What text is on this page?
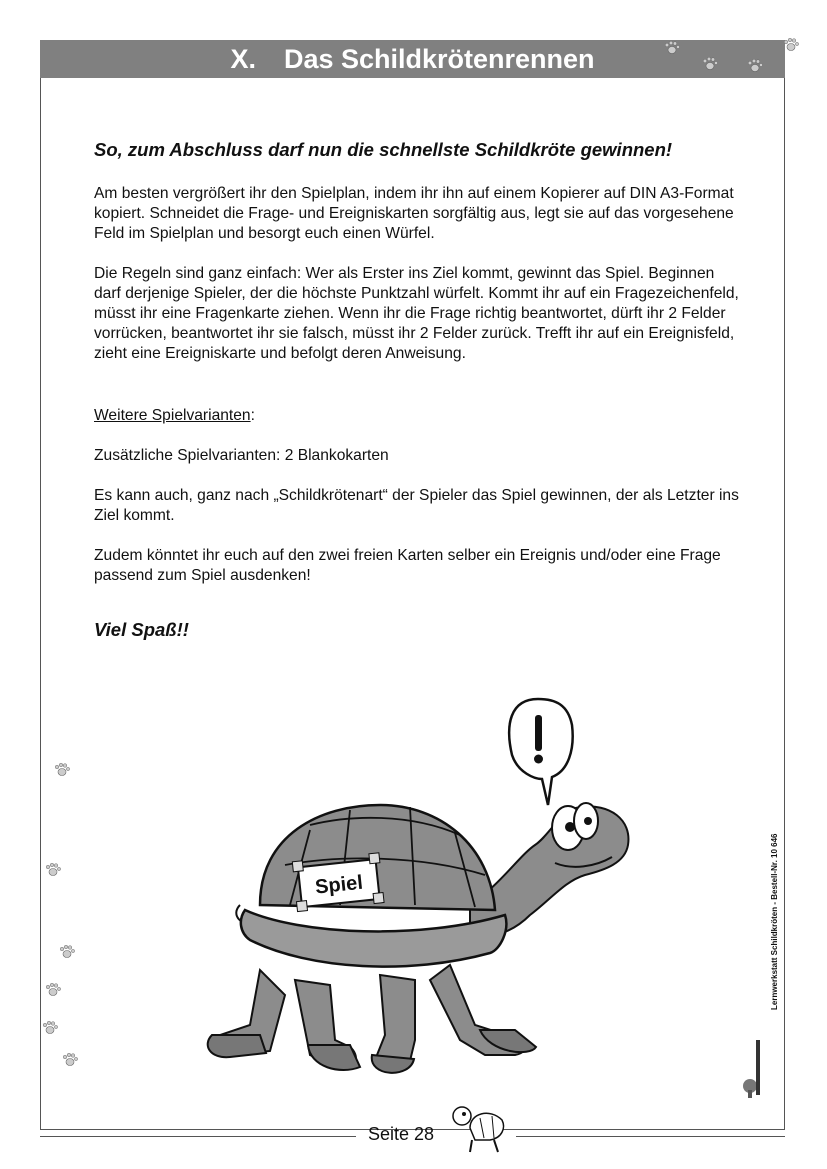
X. Das Schildkrötenrennen
So, zum Abschluss darf nun die schnellste Schildkröte gewinnen!

Am besten vergrößert ihr den Spielplan, indem ihr ihn auf einem Kopierer auf DIN A3-Format kopiert. Schneidet die Frage- und Ereigniskarten sorgfältig aus, legt sie auf das vorgesehene Feld im Spielplan und besorgt euch einen Würfel.

Die Regeln sind ganz einfach: Wer als Erster ins Ziel kommt, gewinnt das Spiel. Beginnen darf derjenige Spieler, der die höchste Punktzahl würfelt. Kommt ihr auf ein Fragezeichenfeld, müsst ihr eine Fragenkarte ziehen. Wenn ihr die Frage richtig beantwortet, dürft ihr 2 Felder vorrücken, beantwortet ihr sie falsch, müsst ihr 2 Felder zurück. Trefft ihr auf ein Ereignisfeld, zieht eine Ereigniskarte und befolgt deren Anweisung.

Weitere Spielvarianten:

Zusätzliche Spielvarianten: 2 Blankokarten

Es kann auch, ganz nach „Schildkrötenart“ der Spieler das Spiel gewinnen, der als Letzter ins Ziel kommt.

Zudem könntet ihr euch auf den zwei freien Karten selber ein Ereignis und/oder eine Frage passend zum Spiel ausdenken!

Viel Spaß!!
Spiel	Lernwerkstatt Schildkröten - Bestell-Nr. 10 646
Seite 28
